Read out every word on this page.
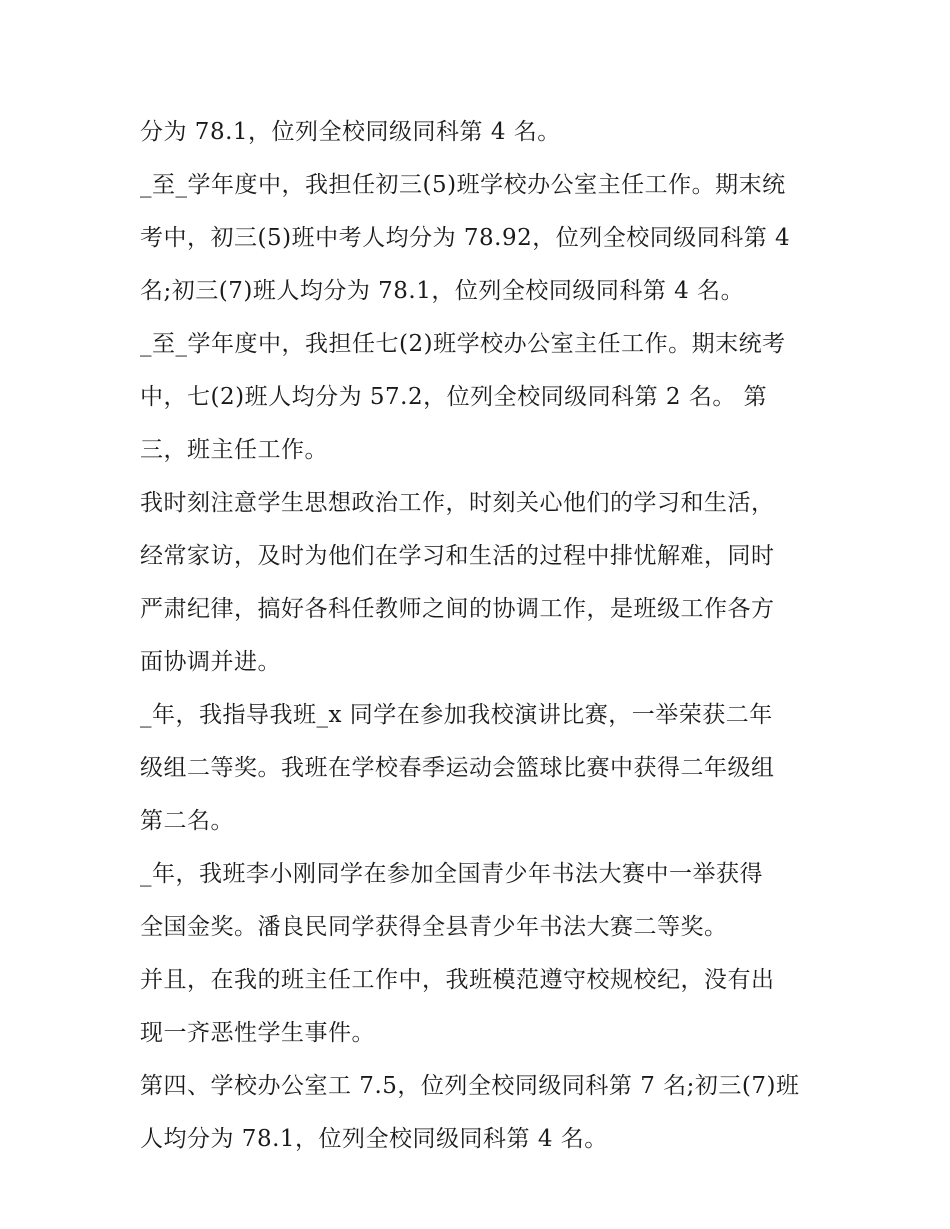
分为 78.1，位列全校同级同科第 4 名。

_至_学年度中，我担任初三(5)班学校办公室主任工作。期末统

考中，初三(5)班中考人均分为 78.92，位列全校同级同科第 4

名;初三(7)班人均分为 78.1，位列全校同级同科第 4 名。

_至_学年度中，我担任七(2)班学校办公室主任工作。期末统考

中，七(2)班人均分为 57.2，位列全校同级同科第 2 名。 第

三，班主任工作。

我时刻注意学生思想政治工作，时刻关心他们的学习和生活，

经常家访，及时为他们在学习和生活的过程中排忧解难，同时

严肃纪律，搞好各科任教师之间的协调工作，是班级工作各方

面协调并进。

_年，我指导我班_x 同学在参加我校演讲比赛，一举荣获二年

级组二等奖。我班在学校春季运动会篮球比赛中获得二年级组

第二名。

_年，我班李小刚同学在参加全国青少年书法大赛中一举获得

全国金奖。潘良民同学获得全县青少年书法大赛二等奖。

并且，在我的班主任工作中，我班模范遵守校规校纪，没有出

现一齐恶性学生事件。

第四、学校办公室工 7.5，位列全校同级同科第 7 名;初三(7)班

人均分为 78.1，位列全校同级同科第 4 名。
